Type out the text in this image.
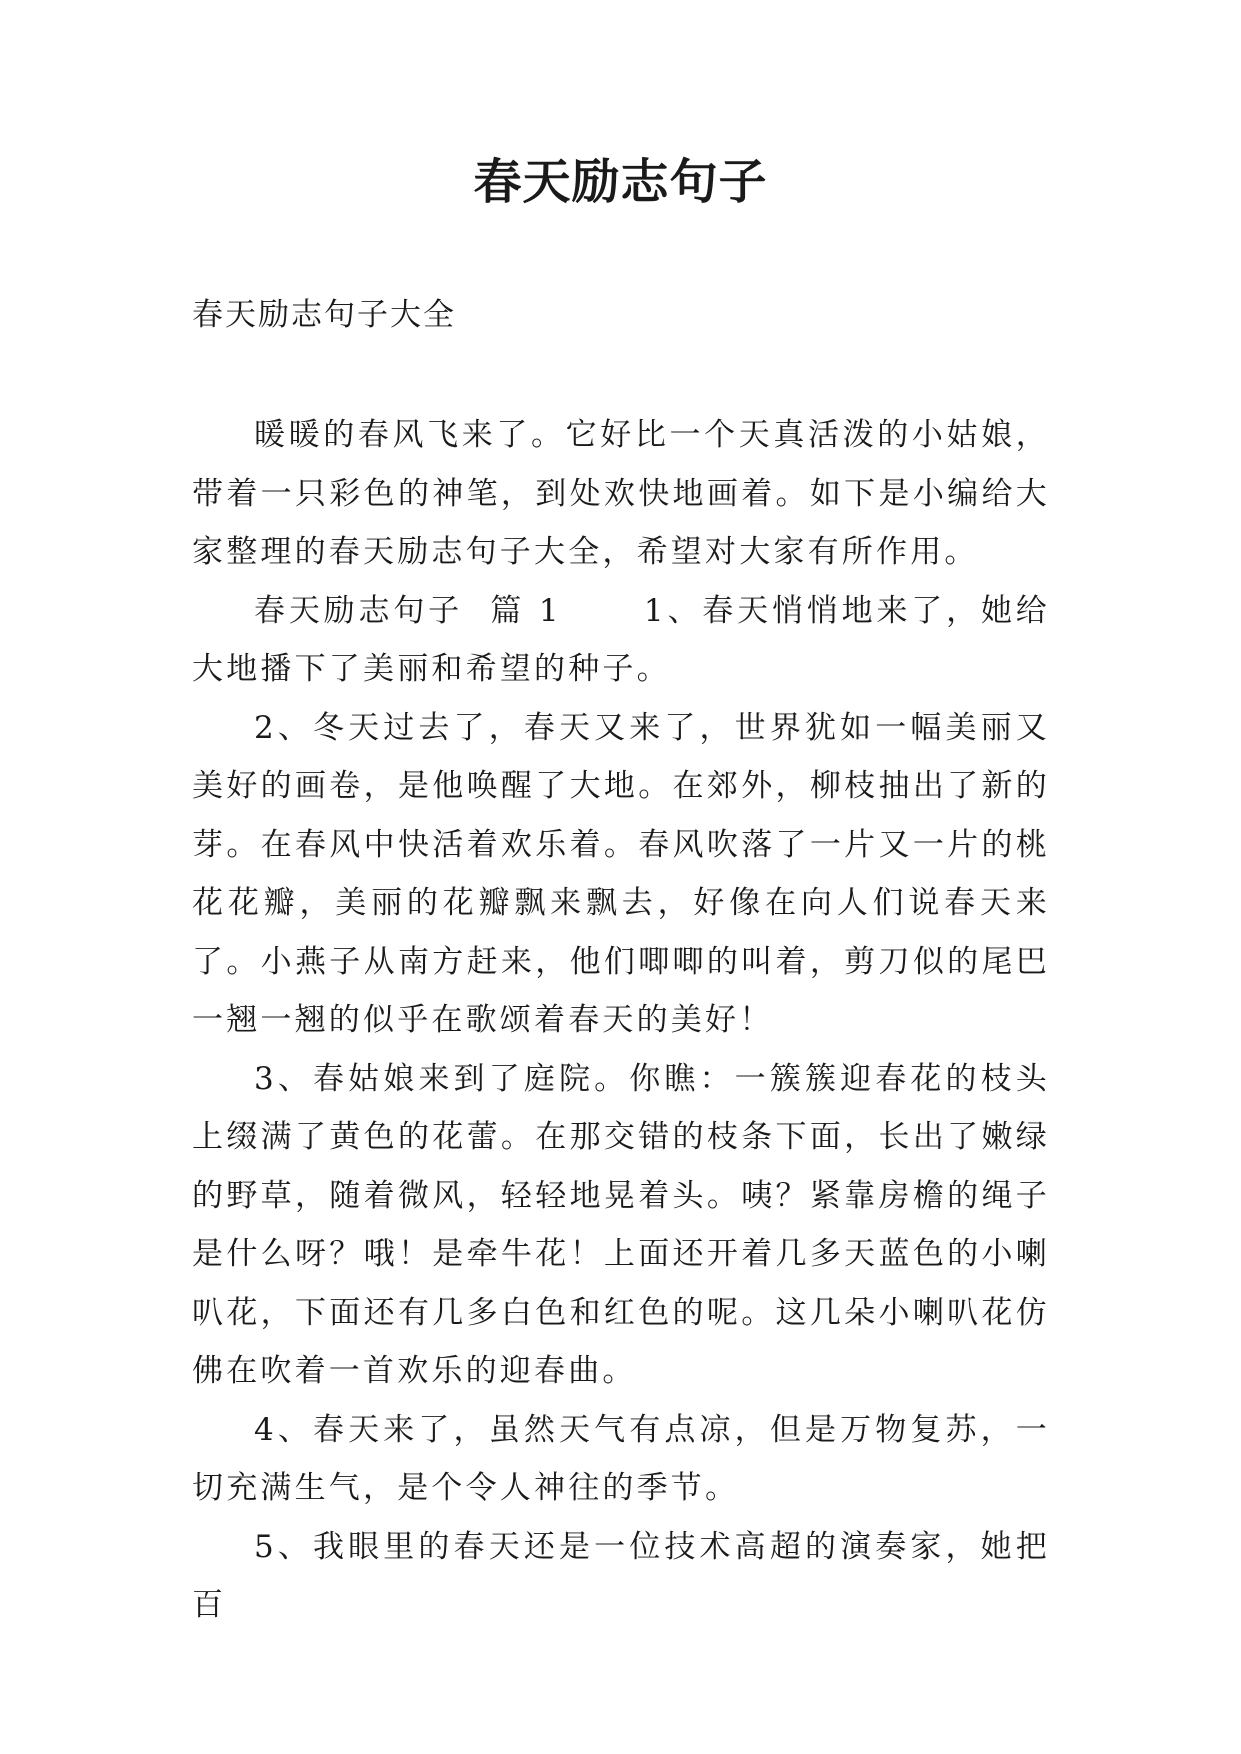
春天励志句子
春天励志句子大全

暖暖的春风飞来了。它好比一个天真活泼的小姑娘，带着一只彩色的神笔，到处欢快地画着。如下是小编给大家整理的春天励志句子大全，希望对大家有所作用。

春天励志句子  篇 1      1、春天悄悄地来了，她给大地播下了美丽和希望的种子。

2、冬天过去了，春天又来了，世界犹如一幅美丽又美好的画卷，是他唤醒了大地。在郊外，柳枝抽出了新的芽。在春风中快活着欢乐着。春风吹落了一片又一片的桃花花瓣，美丽的花瓣飘来飘去，好像在向人们说春天来了。小燕子从南方赶来，他们唧唧的叫着，剪刀似的尾巴一翘一翘的似乎在歌颂着春天的美好！

3、春姑娘来到了庭院。你瞧：一簇簇迎春花的枝头上缀满了黄色的花蕾。在那交错的枝条下面，长出了嫩绿的野草，随着微风，轻轻地晃着头。咦？紧靠房檐的绳子是什么呀？哦！是牵牛花！上面还开着几多天蓝色的小喇叭花，下面还有几多白色和红色的呢。这几朵小喇叭花仿佛在吹着一首欢乐的迎春曲。

4、春天来了，虽然天气有点凉，但是万物复苏，一切充满生气，是个令人神往的季节。

5、我眼里的春天还是一位技术高超的演奏家，她把百
